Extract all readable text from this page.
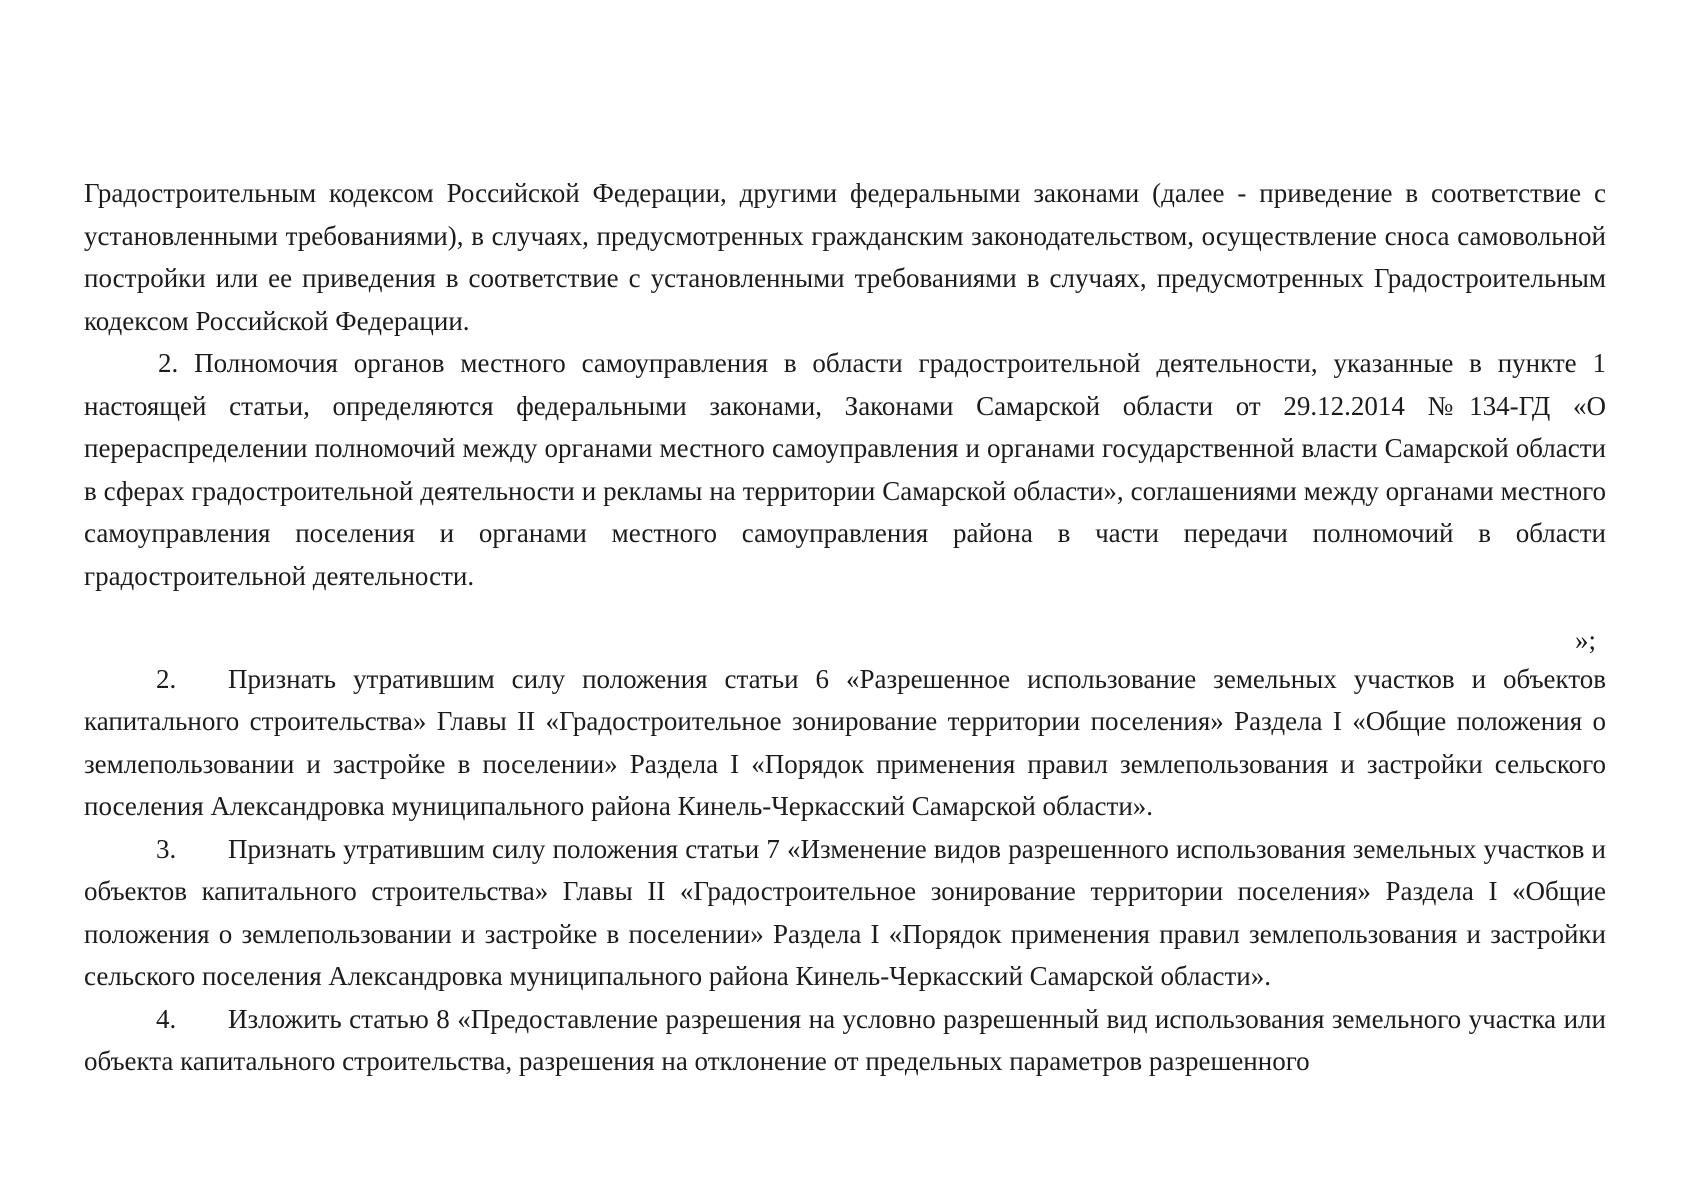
Градостроительным кодексом Российской Федерации, другими федеральными законами (далее - приведение в соответствие с установленными требованиями), в случаях, предусмотренных гражданским законодательством, осуществление сноса самовольной постройки или ее приведения в соответствие с установленными требованиями в случаях, предусмотренных Градостроительным кодексом Российской Федерации.

2. Полномочия органов местного самоуправления в области градостроительной деятельности, указанные в пункте 1 настоящей статьи, определяются федеральными законами, Законами Самарской области от 29.12.2014 №134-ГД «О перераспределении полномочий между органами местного самоуправления и органами государственной власти Самарской области в сферах градостроительной деятельности и рекламы на территории Самарской области», соглашениями между органами местного самоуправления поселения и органами местного самоуправления района в части передачи полномочий в области градостроительной деятельности.

»;

2. Признать утратившим силу положения статьи 6 «Разрешенное использование земельных участков и объектов капитального строительства» Главы II «Градостроительное зонирование территории поселения» Раздела I «Общие положения о землепользовании и застройке в поселении» Раздела I «Порядок применения правил землепользования и застройки сельского поселения Александровка муниципального района Кинель-Черкасский Самарской области».

3. Признать утратившим силу положения статьи 7 «Изменение видов разрешенного использования земельных участков и объектов капитального строительства» Главы II «Градостроительное зонирование территории поселения» Раздела I «Общие положения о землепользовании и застройке в поселении» Раздела I «Порядок применения правил землепользования и застройки сельского поселения Александровка муниципального района Кинель-Черкасский Самарской области».

4. Изложить статью 8 «Предоставление разрешения на условно разрешенный вид использования земельного участка или объекта капитального строительства, разрешения на отклонение от предельных параметров разрешенного
